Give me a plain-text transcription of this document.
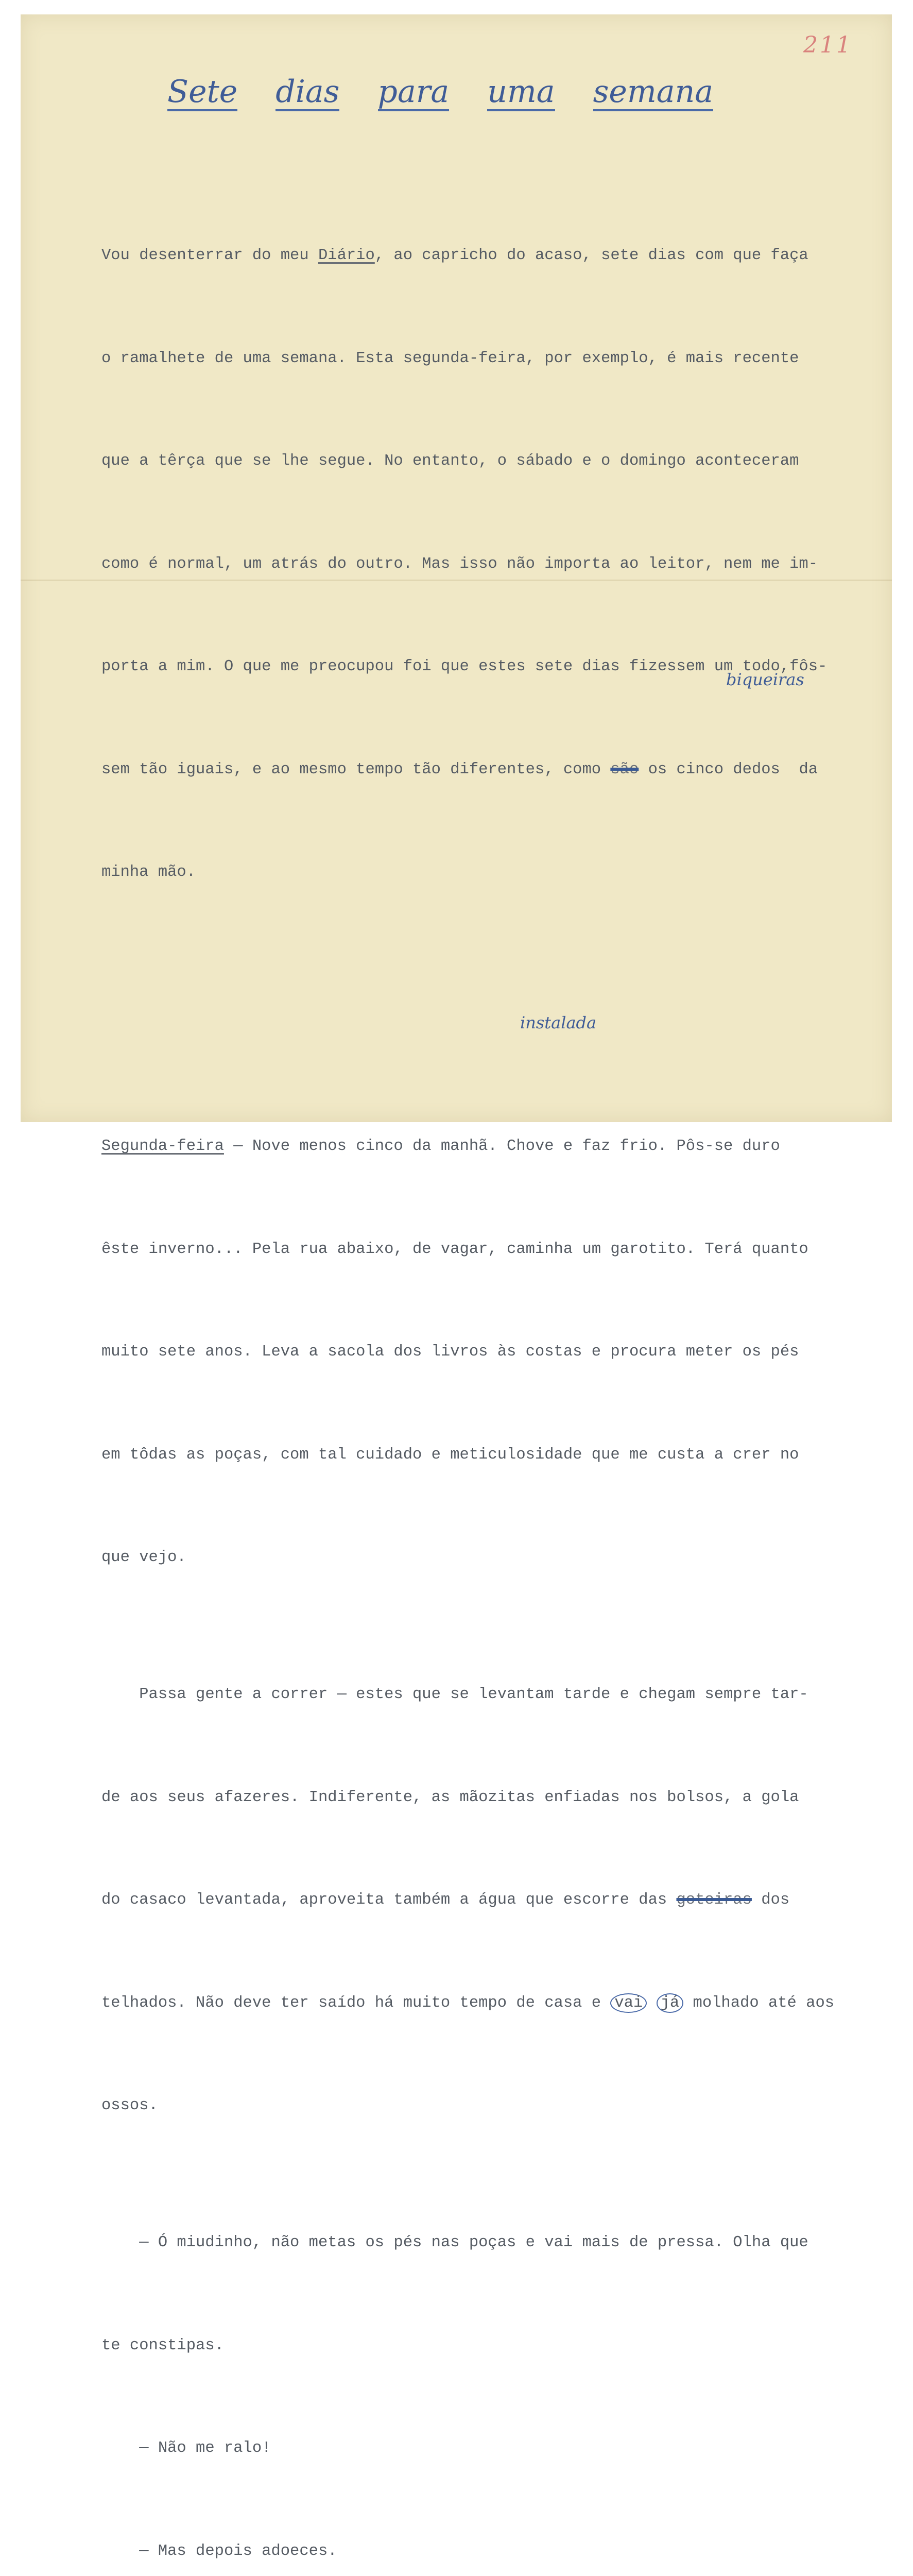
211
Sete dias para uma semana
biqueiras
instalada

Vou desenterrar do meu Diário, ao capricho do acaso, sete dias com que faça

o ramalhete de uma semana. Esta segunda-feira, por exemplo, é mais recente

que a têrça que se lhe segue. No entanto, o sábado e o domingo aconteceram

como é normal, um atrás do outro. Mas isso não importa ao leitor, nem me im-

porta a mim. O que me preocupou foi que estes sete dias fizessem um todo,fôs-

sem tão iguais, e ao mesmo tempo tão diferentes, como são os cinco dedos  da

minha mão.

Segunda-feira — Nove menos cinco da manhã. Chove e faz frio. Pôs-se duro

êste inverno... Pela rua abaixo, de vagar, caminha um garotito. Terá quanto

muito sete anos. Leva a sacola dos livros às costas e procura meter os pés

em tôdas as poças, com tal cuidado e meticulosidade que me custa a crer no

que vejo.

Passa gente a correr — estes que se levantam tarde e chegam sempre tar-

de aos seus afazeres. Indiferente, as mãozitas enfiadas nos bolsos, a gola

do casaco levantada, aproveita também a água que escorre das goteiras dos

telhados. Não deve ter saído há muito tempo de casa e vai já molhado até aos

ossos.

— Ó miudinho, não metas os pés nas poças e vai mais de pressa. Olha que

te constipas.

— Não me ralo!

— Mas depois adoeces.
